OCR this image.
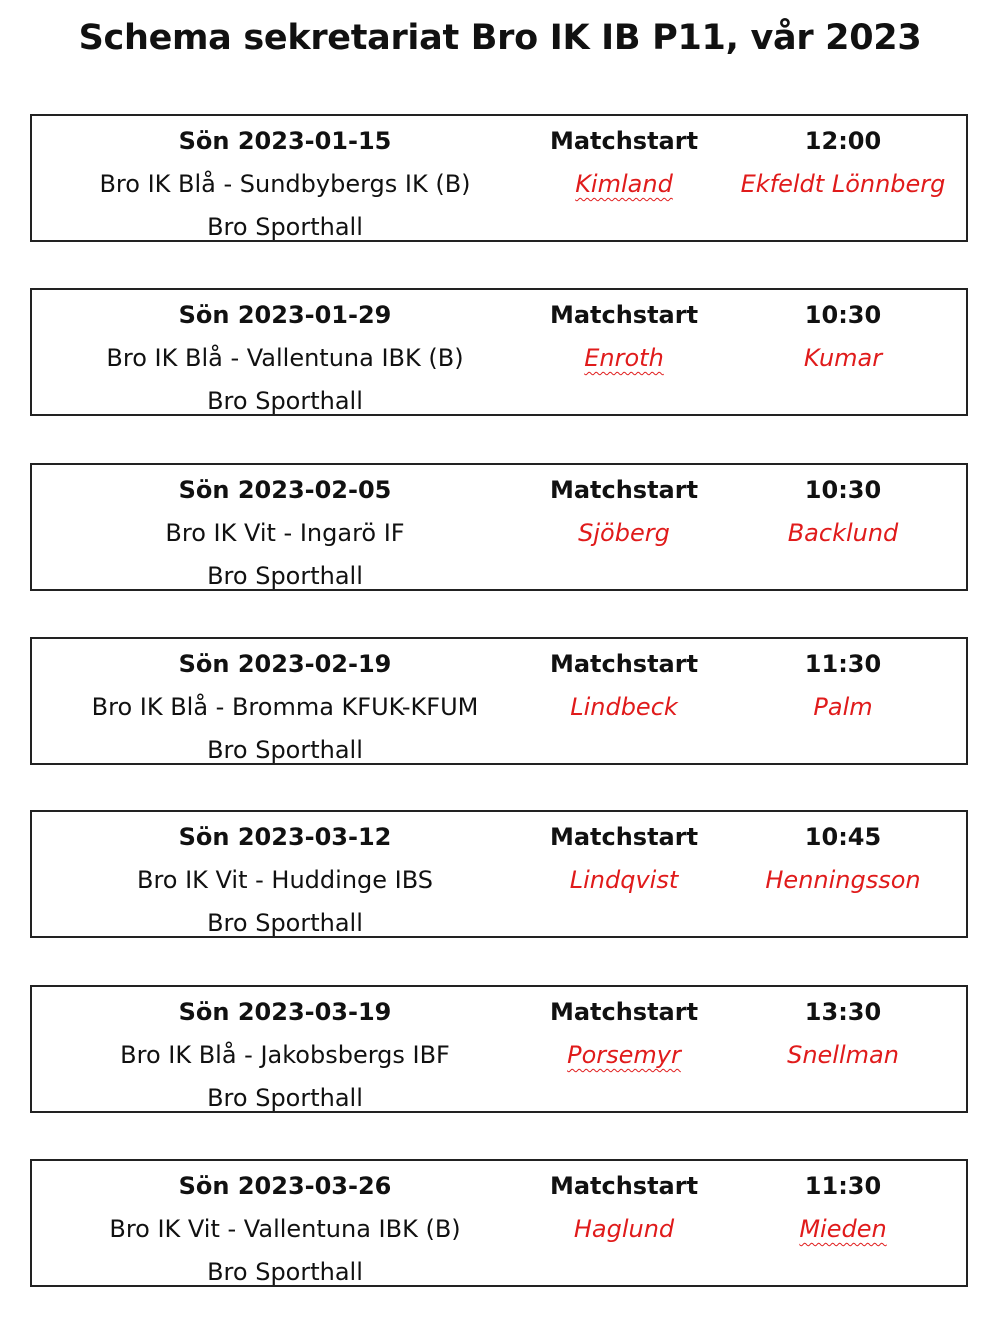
Schema sekretariat Bro IK IB P11, vår 2023
Sön 2023-01-15	Matchstart	12:00
Bro IK Blå - Sundbybergs IK (B)	Kimland	Ekfeldt Lönnberg
Bro Sporthall
Sön 2023-01-29	Matchstart	10:30
Bro IK Blå - Vallentuna IBK (B)	Enroth	Kumar
Bro Sporthall
Sön 2023-02-05	Matchstart	10:30
Bro IK Vit - Ingarö IF	Sjöberg	Backlund
Bro Sporthall
Sön 2023-02-19	Matchstart	11:30
Bro IK Blå - Bromma KFUK-KFUM	Lindbeck	Palm
Bro Sporthall
Sön 2023-03-12	Matchstart	10:45
Bro IK Vit - Huddinge IBS	Lindqvist	Henningsson
Bro Sporthall
Sön 2023-03-19	Matchstart	13:30
Bro IK Blå - Jakobsbergs IBF	Porsemyr	Snellman
Bro Sporthall
Sön 2023-03-26	Matchstart	11:30
Bro IK Vit - Vallentuna IBK (B)	Haglund	Mieden
Bro Sporthall
